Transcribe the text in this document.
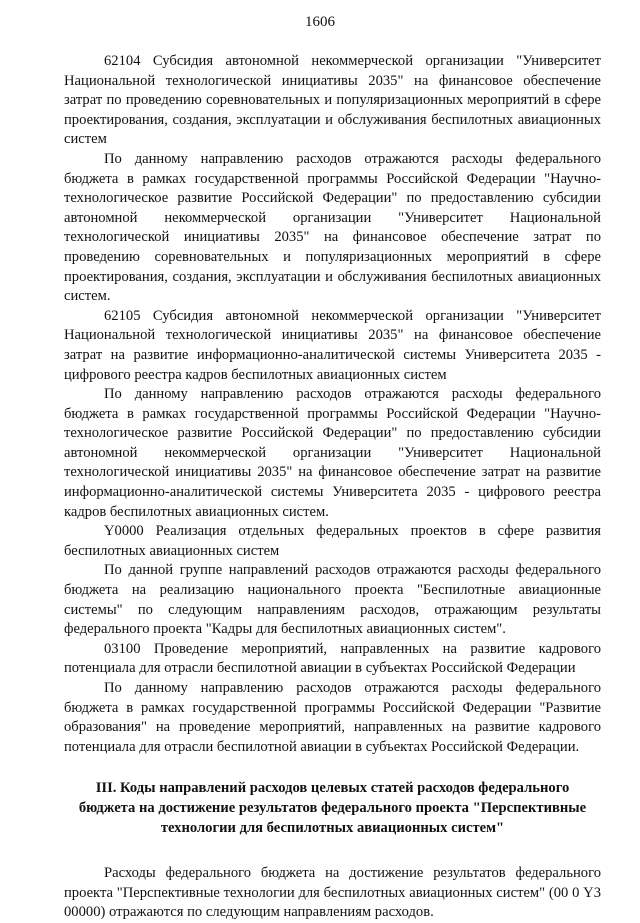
1606

62104 Субсидия автономной некоммерческой организации "Университет Национальной технологической инициативы 2035" на финансовое обеспечение затрат по проведению соревновательных и популяризационных мероприятий в сфере проектирования, создания, эксплуатации и обслуживания беспилотных авиационных систем

По данному направлению расходов отражаются расходы федерального бюджета в рамках государственной программы Российской Федерации "Научно-технологическое развитие Российской Федерации" по предоставлению субсидии автономной некоммерческой организации "Университет Национальной технологической инициативы 2035" на финансовое обеспечение затрат по проведению соревновательных и популяризационных мероприятий в сфере проектирования, создания, эксплуатации и обслуживания беспилотных авиационных систем.

62105 Субсидия автономной некоммерческой организации "Университет Национальной технологической инициативы 2035" на финансовое обеспечение затрат на развитие информационно-аналитической системы Университета 2035 - цифрового реестра кадров беспилотных авиационных систем

По данному направлению расходов отражаются расходы федерального бюджета в рамках государственной программы Российской Федерации "Научно-технологическое развитие Российской Федерации" по предоставлению субсидии автономной некоммерческой организации "Университет Национальной технологической инициативы 2035" на финансовое обеспечение затрат на развитие информационно-аналитической системы Университета 2035 - цифрового реестра кадров беспилотных авиационных систем.

Y0000 Реализация отдельных федеральных проектов в сфере развития беспилотных авиационных систем

По данной группе направлений расходов отражаются расходы федерального бюджета на реализацию национального проекта "Беспилотные авиационные системы" по следующим направлениям расходов, отражающим результаты федерального проекта "Кадры для беспилотных авиационных систем".

03100 Проведение мероприятий, направленных на развитие кадрового потенциала для отрасли беспилотной авиации в субъектах Российской Федерации

По данному направлению расходов отражаются расходы федерального бюджета в рамках государственной программы Российской Федерации "Развитие образования" на проведение мероприятий, направленных на развитие кадрового потенциала для отрасли беспилотной авиации в субъектах Российской Федерации.

III. Коды направлений расходов целевых статей расходов федерального бюджета на достижение результатов федерального проекта "Перспективные технологии для беспилотных авиационных систем"

Расходы федерального бюджета на достижение результатов федерального проекта "Перспективные технологии для беспилотных авиационных систем" (00 0 Y3 00000) отражаются по следующим направлениям расходов.
